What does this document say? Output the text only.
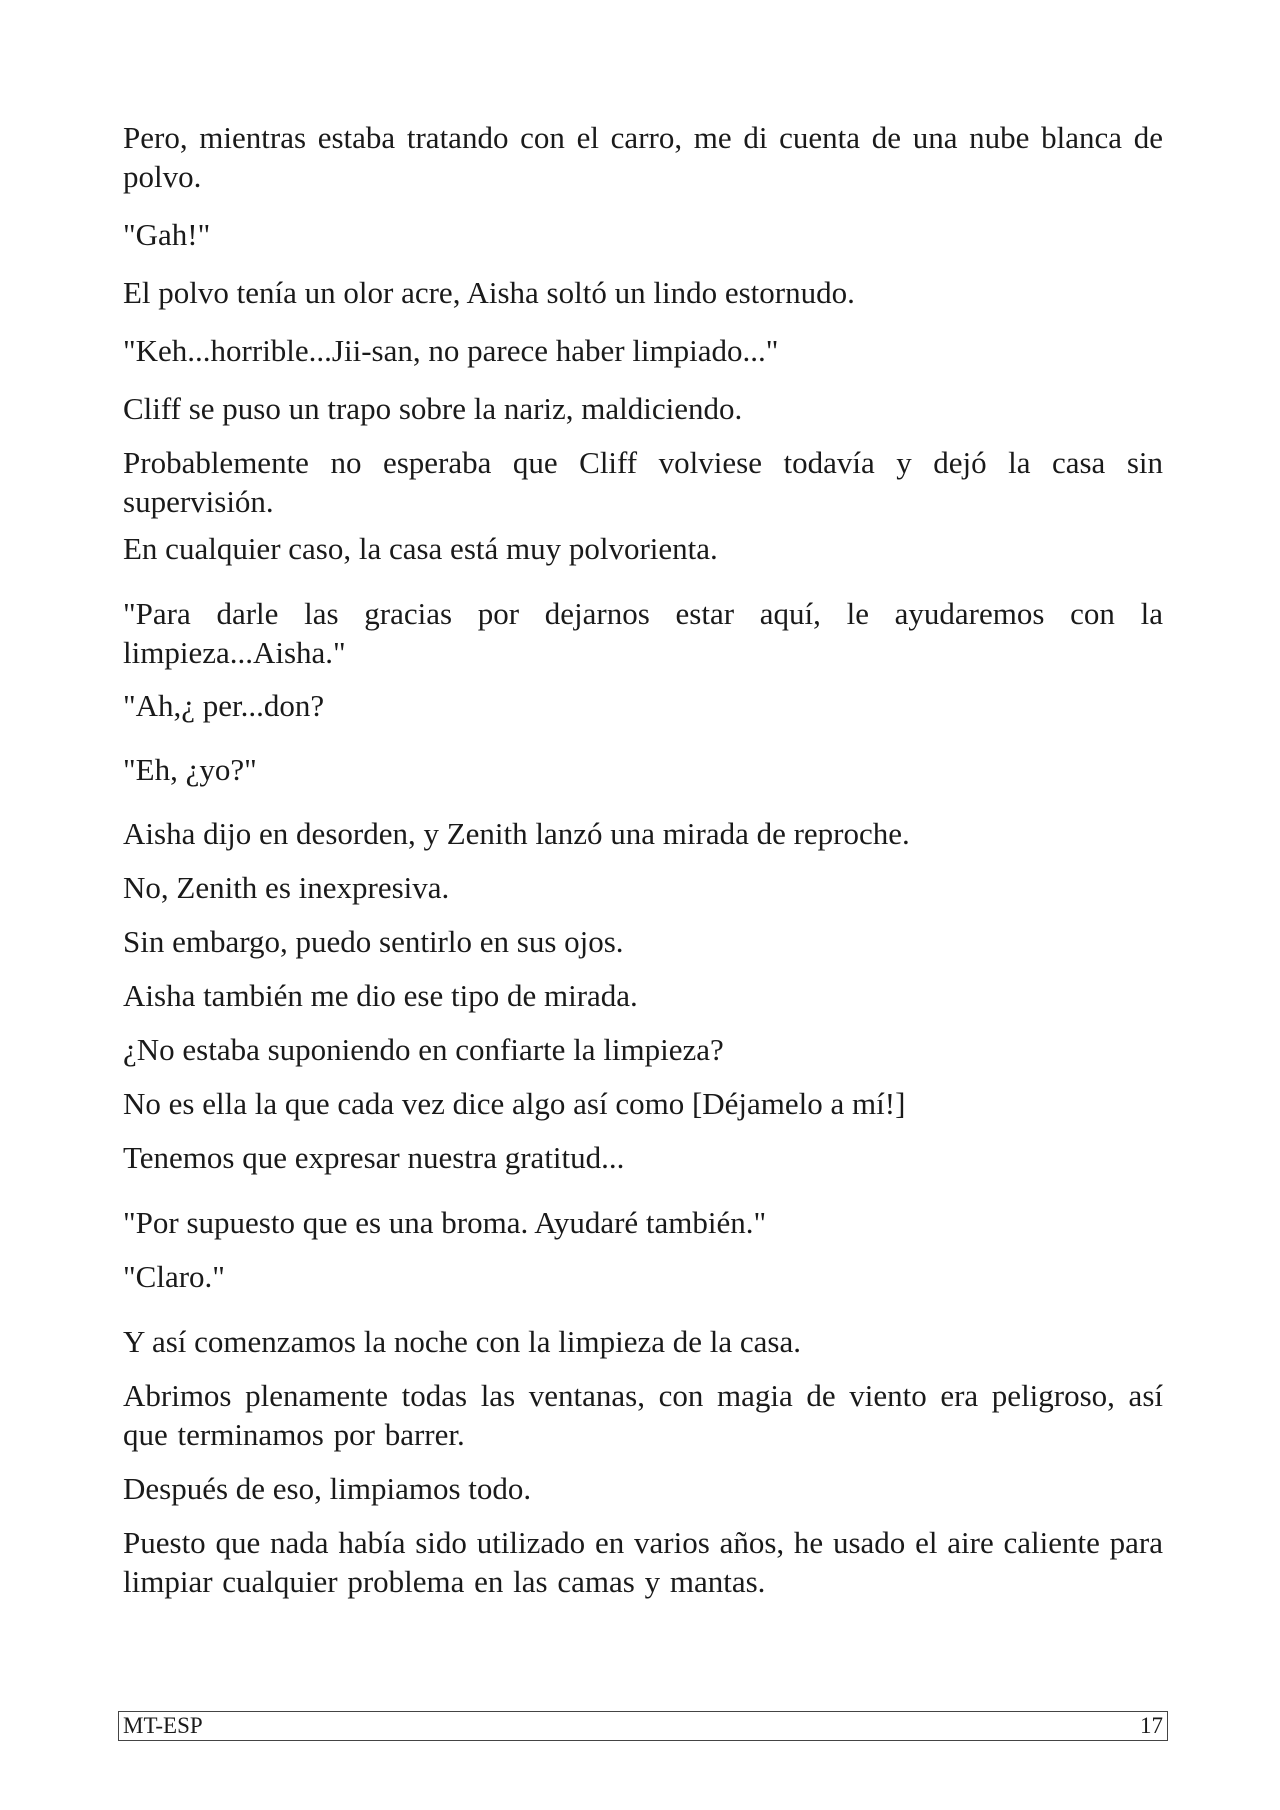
Pero, mientras estaba tratando con el carro, me di cuenta de una nube blanca de polvo.

"Gah!"

El polvo tenía un olor acre, Aisha soltó un lindo estornudo.

"Keh...horrible...Jii-san, no parece haber limpiado..."

Cliff se puso un trapo sobre la nariz, maldiciendo.

Probablemente no esperaba que Cliff volviese todavía y dejó la casa sin supervisión.

En cualquier caso, la casa está muy polvorienta.

"Para darle las gracias por dejarnos estar aquí, le ayudaremos con la limpieza...Aisha."

"Ah,¿ per...don?

"Eh, ¿yo?"

Aisha dijo en desorden, y Zenith lanzó una mirada de reproche.

No, Zenith es inexpresiva.

Sin embargo, puedo sentirlo en sus ojos.

Aisha también me dio ese tipo de mirada.

¿No estaba suponiendo en confiarte la limpieza?

No es ella la que cada vez dice algo así como [Déjamelo a mí!]

Tenemos que expresar nuestra gratitud...

"Por supuesto que es una broma. Ayudaré también."

"Claro."

Y así comenzamos la noche con la limpieza de la casa.

Abrimos plenamente todas las ventanas, con magia de viento era peligroso, así que terminamos por barrer.

Después de eso, limpiamos todo.

Puesto que nada había sido utilizado en varios años, he usado el aire caliente para limpiar cualquier problema en las camas y mantas.

MT-ESP	17
